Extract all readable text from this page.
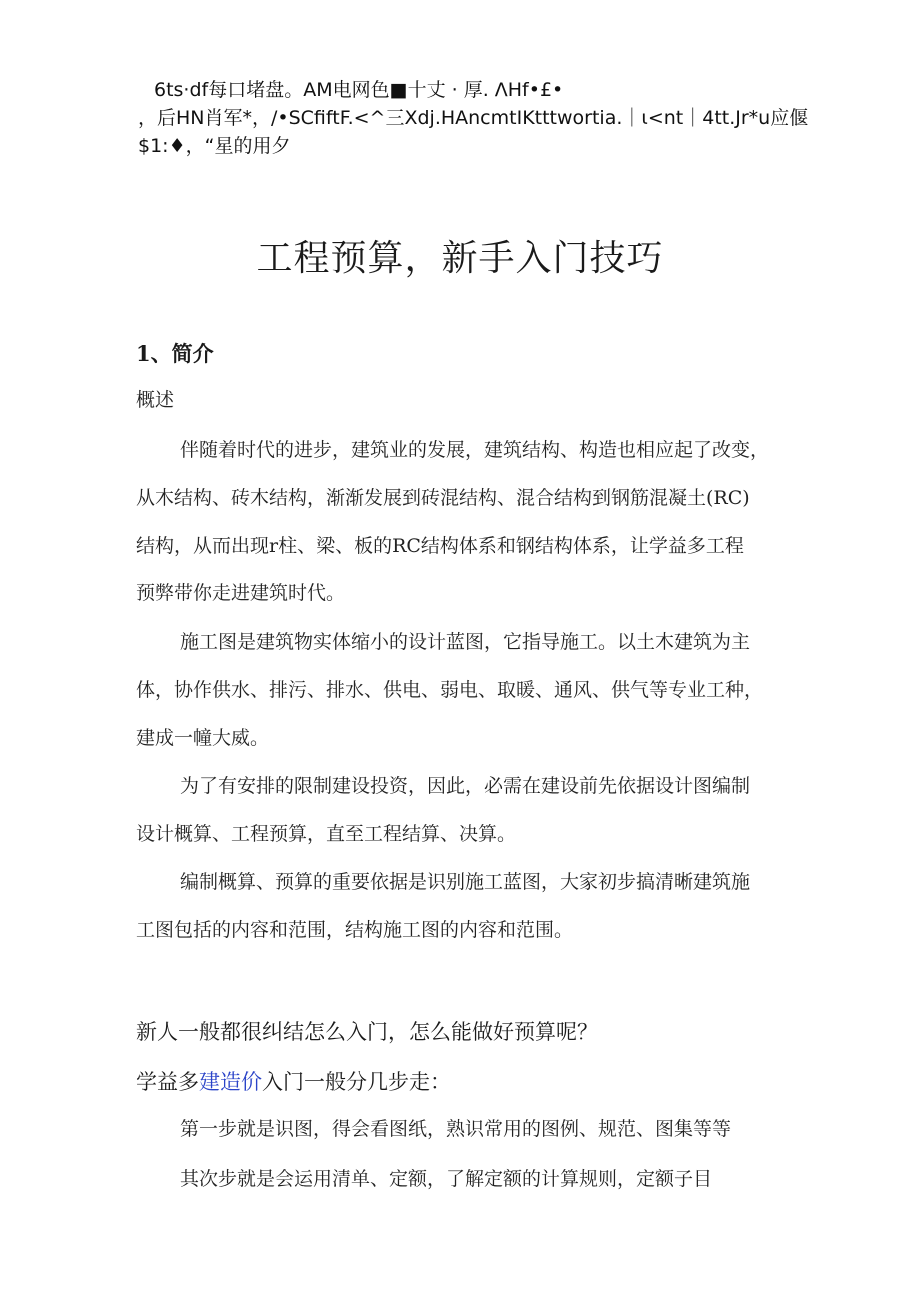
6ts·df每口堵盘。AM电网色■十丈 · 厚. ΛHf•£•
，后HN肖军*，/•SCfiftF.<^三Xdj.HAncmtIKtttwortia.｜ι<nt｜4tt.Jr*u应偃
$1:♦，“星的用夕
工程预算，新手入门技巧
1、简介
概述
伴随着时代的进步，建筑业的发展，建筑结构、构造也相应起了改变，
从木结构、砖木结构，渐渐发展到砖混结构、混合结构到钢筋混凝土(RC)
结构，从而出现r柱、梁、板的RC结构体系和钢结构体系，让学益多工程
预弊带你走进建筑时代。
施工图是建筑物实体缩小的设计蓝图，它指导施工。以土木建筑为主
体，协作供水、排污、排水、供电、弱电、取暖、通风、供气等专业工种，
建成一幢大威。
为了有安排的限制建设投资，因此，必需在建设前先依据设计图编制
设计概算、工程预算，直至工程结算、决算。
编制概算、预算的重要依据是识别施工蓝图，大家初步搞清晰建筑施
工图包括的内容和范围，结构施工图的内容和范围。
新人一般都很纠结怎么入门，怎么能做好预算呢？
学益多建造价入门一般分几步走：
第一步就是识图，得会看图纸，熟识常用的图例、规范、图集等等
其次步就是会运用清单、定额，了解定额的计算规则，定额子目
